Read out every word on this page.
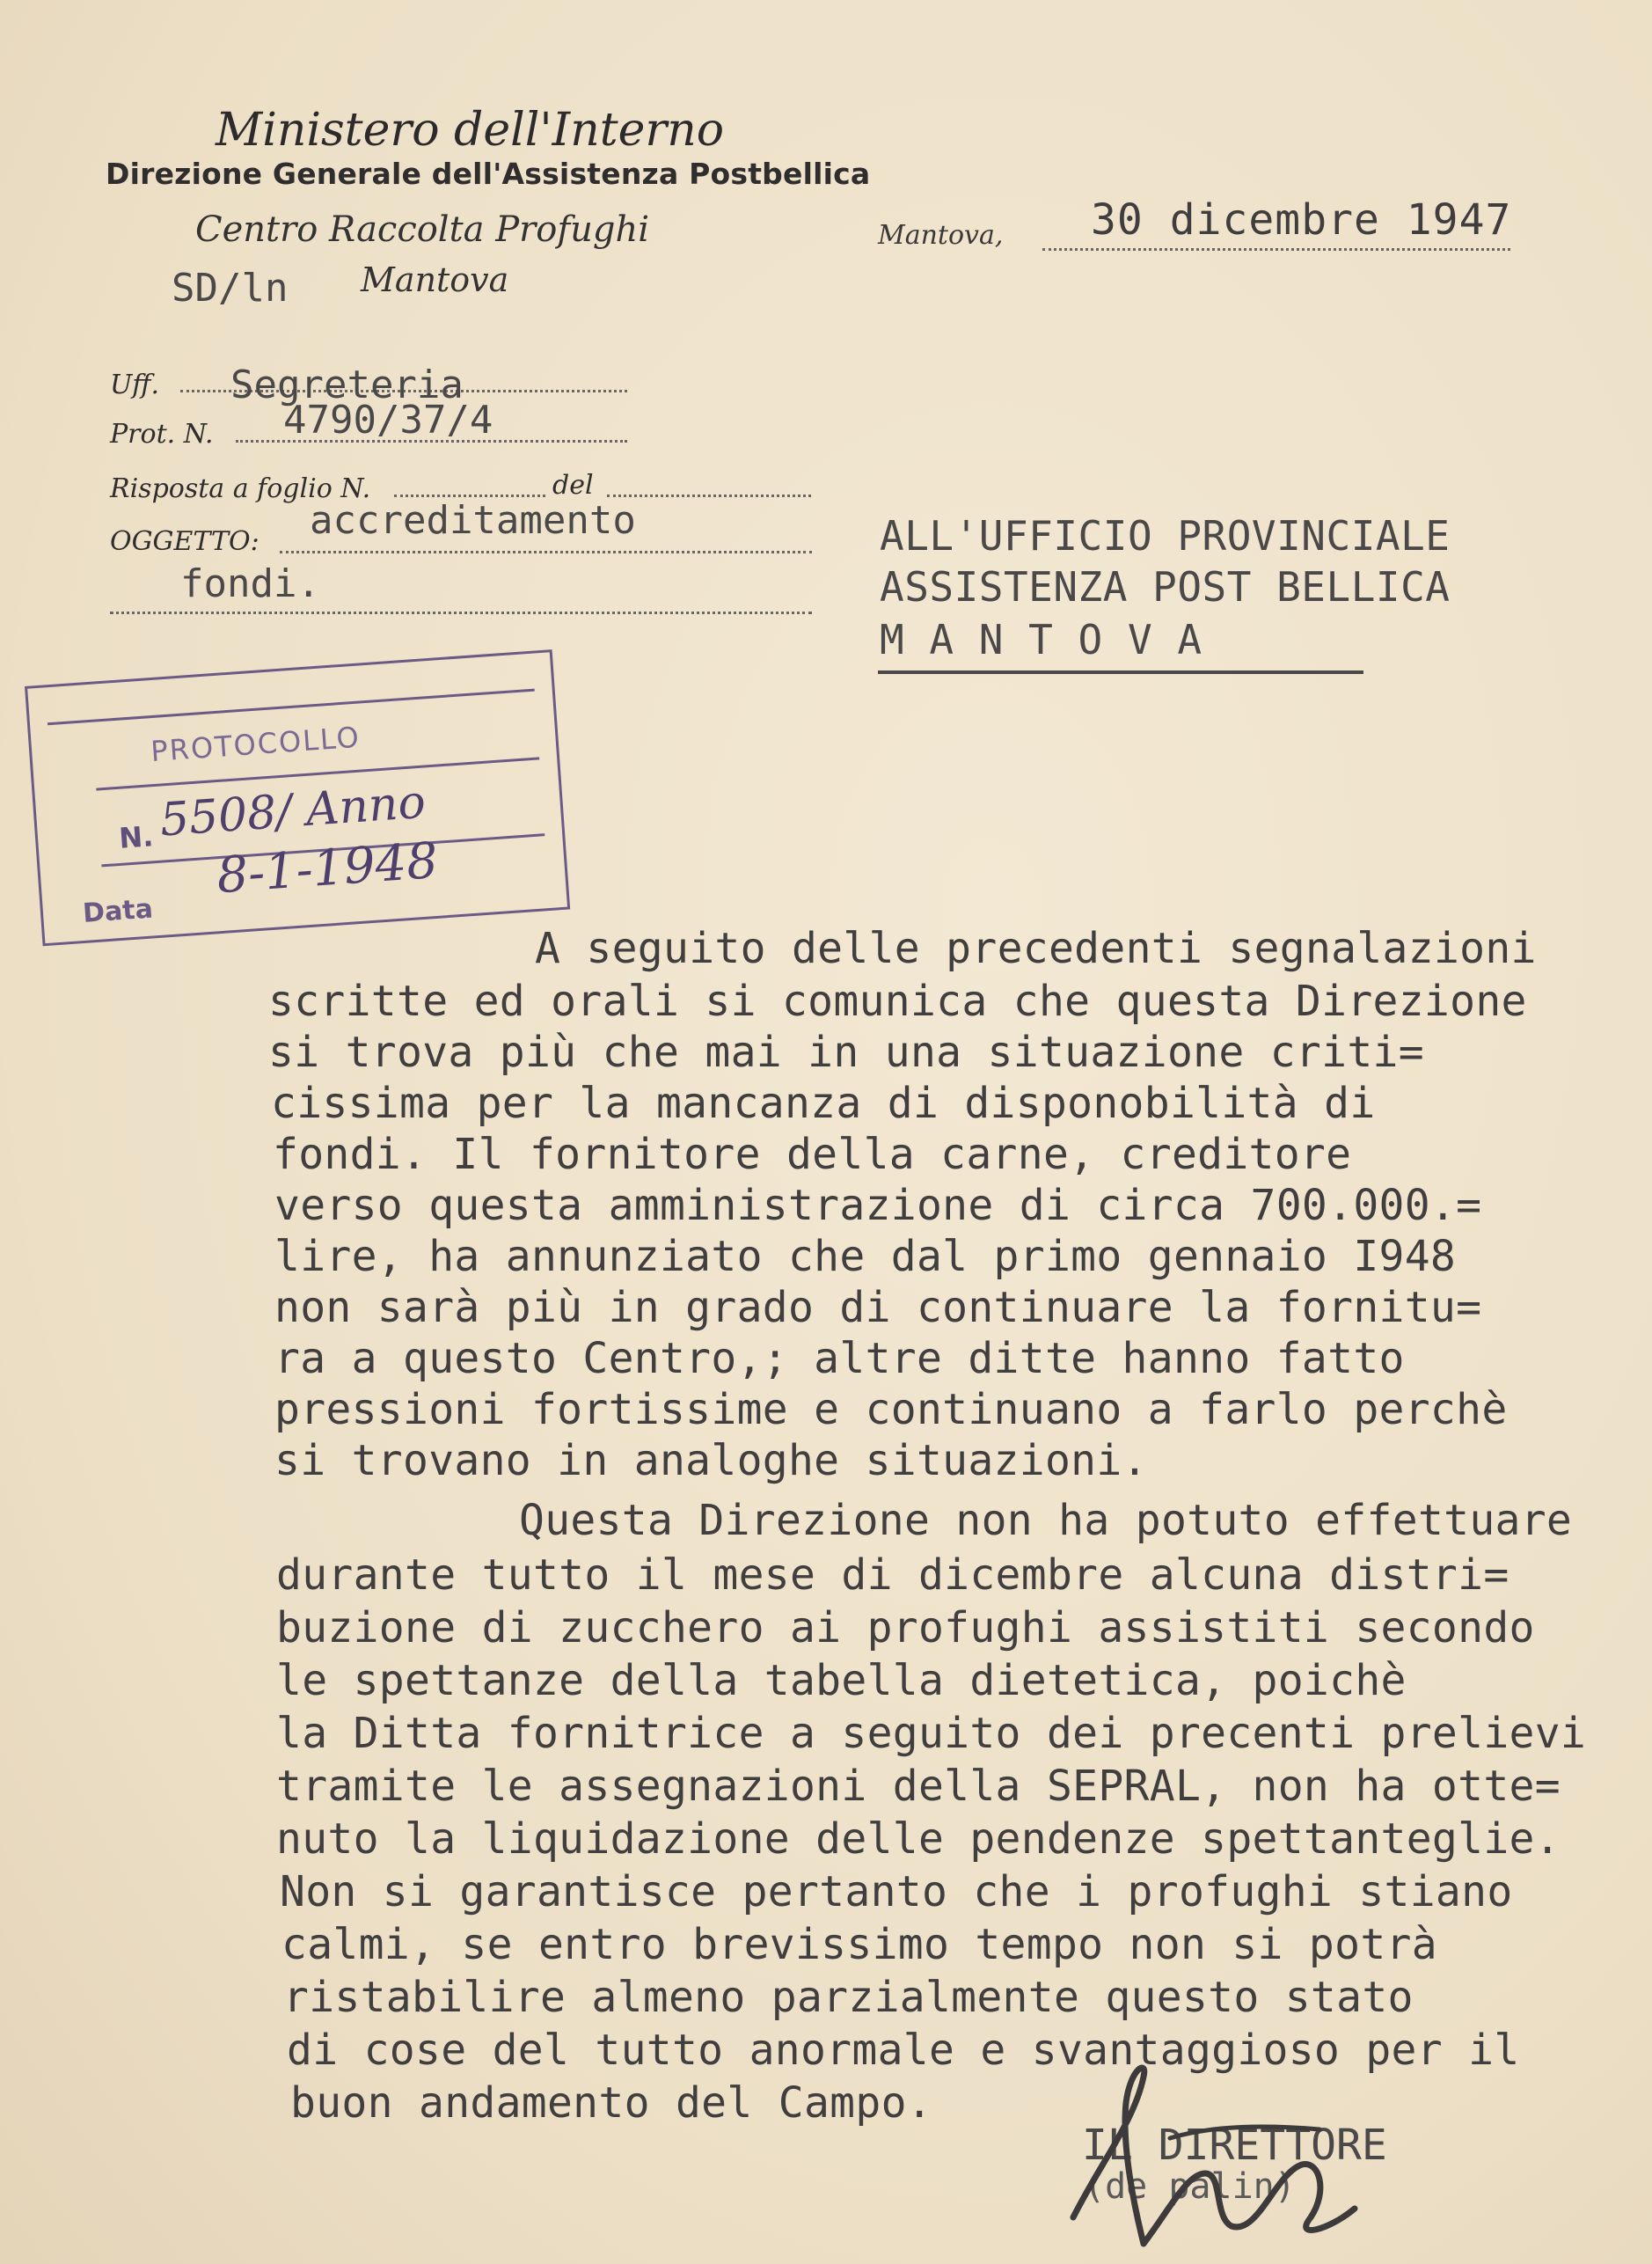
Ministero dell'Interno
Direzione Generale dell'Assistenza Postbellica
Centro Raccolta Profughi
SD/ln Mantova
Mantova, 30 dicembre 1947
Uff. Segreteria
Prot. N. 4790/37/4
Risposta a foglio N.	del
OGGETTO: accreditamento
fondi.
ALL'UFFICIO PROVINCIALE
ASSISTENZA POST BELLICA
M A N T O V A
PROTOCOLLO
N. 5508/ Anno
Data
8-1-1948
A seguito delle precedenti segnalazioni
scritte ed orali si comunica che questa Direzione
si trova più che mai in una situazione criti=
cissima per la mancanza di disponobilità di
fondi. Il fornitore della carne, creditore
verso questa amministrazione di circa 700.000.=
lire, ha annunziato che dal primo gennaio I948
non sarà più in grado di continuare la fornitu=
ra a questo Centro,; altre ditte hanno fatto
pressioni fortissime e continuano a farlo perchè
si trovano in analoghe situazioni.
Questa Direzione non ha potuto effettuare
durante tutto il mese di dicembre alcuna distri=
buzione di zucchero ai profughi assistiti secondo
le spettanze della tabella dietetica, poichè
la Ditta fornitrice a seguito dei precenti prelievi
tramite le assegnazioni della SEPRAL, non ha otte=
nuto la liquidazione delle pendenze spettanteglie.
Non si garantisce pertanto che i profughi stiano
calmi, se entro brevissimo tempo non si potrà
ristabilire almeno parzialmente questo stato
di cose del tutto anormale e svantaggioso per il
buon andamento del Campo.
IL DIRETTORE
(de palin)
